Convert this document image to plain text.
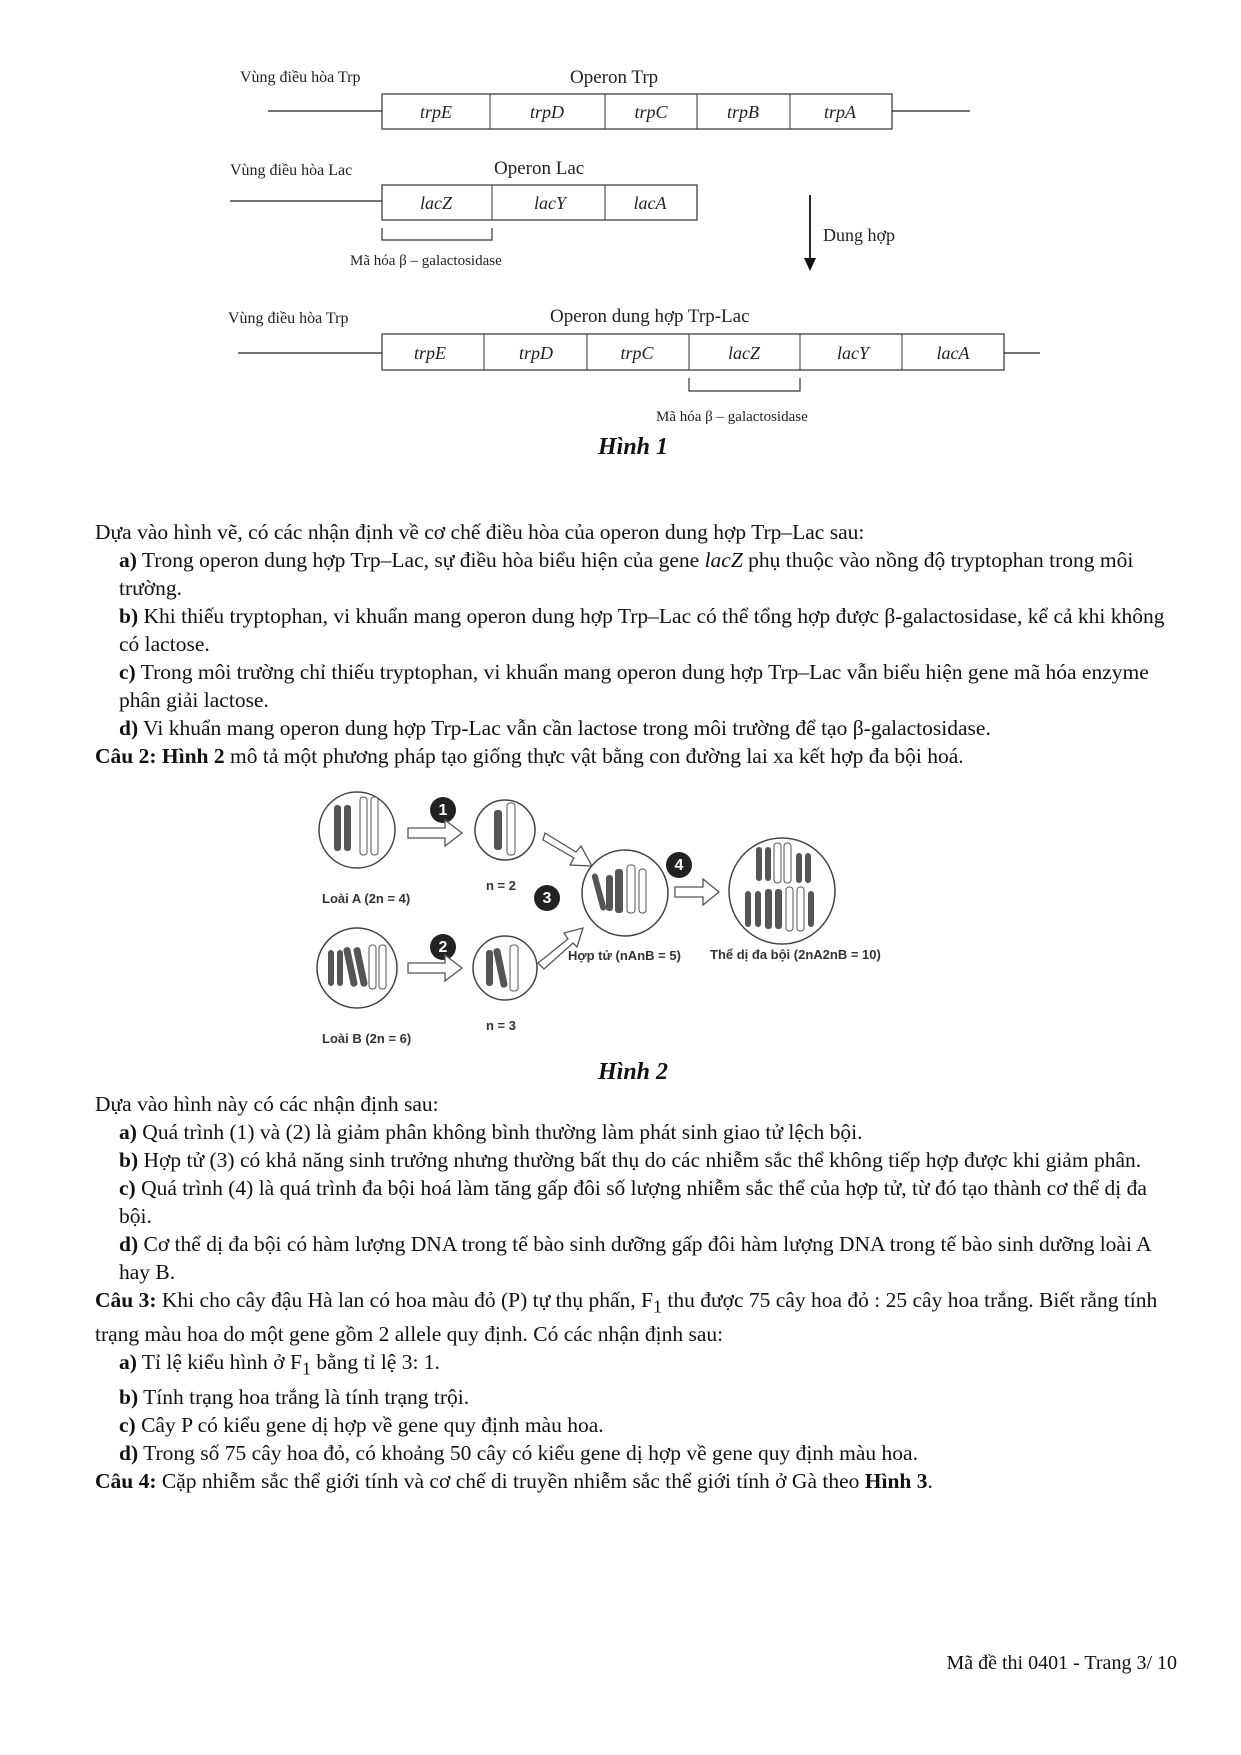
Vùng điều hòa Trp	Operon Trp
trpE	trpD	trpC	trpB	trpA
Vùng điều hòa Lac	Operon Lac
lacZ	lacY	lacA
Mã hóa β – galactosidase
Dung hợp
Vùng điều hòa Trp	Operon dung hợp Trp-Lac
trpE	trpD	trpC	lacZ	lacY	lacA
Mã hóa β – galactosidase
Hình 1

Dựa vào hình vẽ, có các nhận định về cơ chế điều hòa của operon dung hợp Trp–Lac sau:

a) Trong operon dung hợp Trp–Lac, sự điều hòa biểu hiện của gene lacZ phụ thuộc vào nồng độ tryptophan trong môi trường.

b) Khi thiếu tryptophan, vi khuẩn mang operon dung hợp Trp–Lac có thể tổng hợp được β-galactosidase, kể cả khi không có lactose.

c) Trong môi trường chỉ thiếu tryptophan, vi khuẩn mang operon dung hợp Trp–Lac vẫn biểu hiện gene mã hóa enzyme phân giải lactose.

d) Vi khuẩn mang operon dung hợp Trp-Lac vẫn cần lactose trong môi trường để tạo β-galactosidase.

Câu 2: Hình 2 mô tả một phương pháp tạo giống thực vật bằng con đường lai xa kết hợp đa bội hoá.

Loài A (2n = 4)
1
n = 2
3
Hợp tử (nAnB = 5)
4
Thể dị đa bội (2nA2nB = 10)
Loài B (2n = 6)
2
n = 3
Hình 2

Dựa vào hình này có các nhận định sau:

a) Quá trình (1) và (2) là giảm phân không bình thường làm phát sinh giao tử lệch bội.

b) Hợp tử (3) có khả năng sinh trưởng nhưng thường bất thụ do các nhiễm sắc thể không tiếp hợp được khi giảm phân.

c) Quá trình (4) là quá trình đa bội hoá làm tăng gấp đôi số lượng nhiễm sắc thể của hợp tử, từ đó tạo thành cơ thể dị đa bội.

d) Cơ thể dị đa bội có hàm lượng DNA trong tế bào sinh dưỡng gấp đôi hàm lượng DNA trong tế bào sinh dưỡng loài A hay B.

Câu 3: Khi cho cây đậu Hà lan có hoa màu đỏ (P) tự thụ phấn, $F_1$ thu được 75 cây hoa đỏ : 25 cây hoa trắng. Biết rằng tính trạng màu hoa do một gene gồm 2 allele quy định. Có các nhận định sau:

a) Tỉ lệ kiểu hình ở $F_1$ bằng tỉ lệ 3: 1.

b) Tính trạng hoa trắng là tính trạng trội.

c) Cây P có kiểu gene dị hợp về gene quy định màu hoa.

d) Trong số 75 cây hoa đỏ, có khoảng 50 cây có kiểu gene dị hợp về gene quy định màu hoa.

Câu 4: Cặp nhiễm sắc thể giới tính và cơ chế di truyền nhiễm sắc thể giới tính ở Gà theo Hình 3.

Mã đề thi 0401 - Trang 3/ 10
